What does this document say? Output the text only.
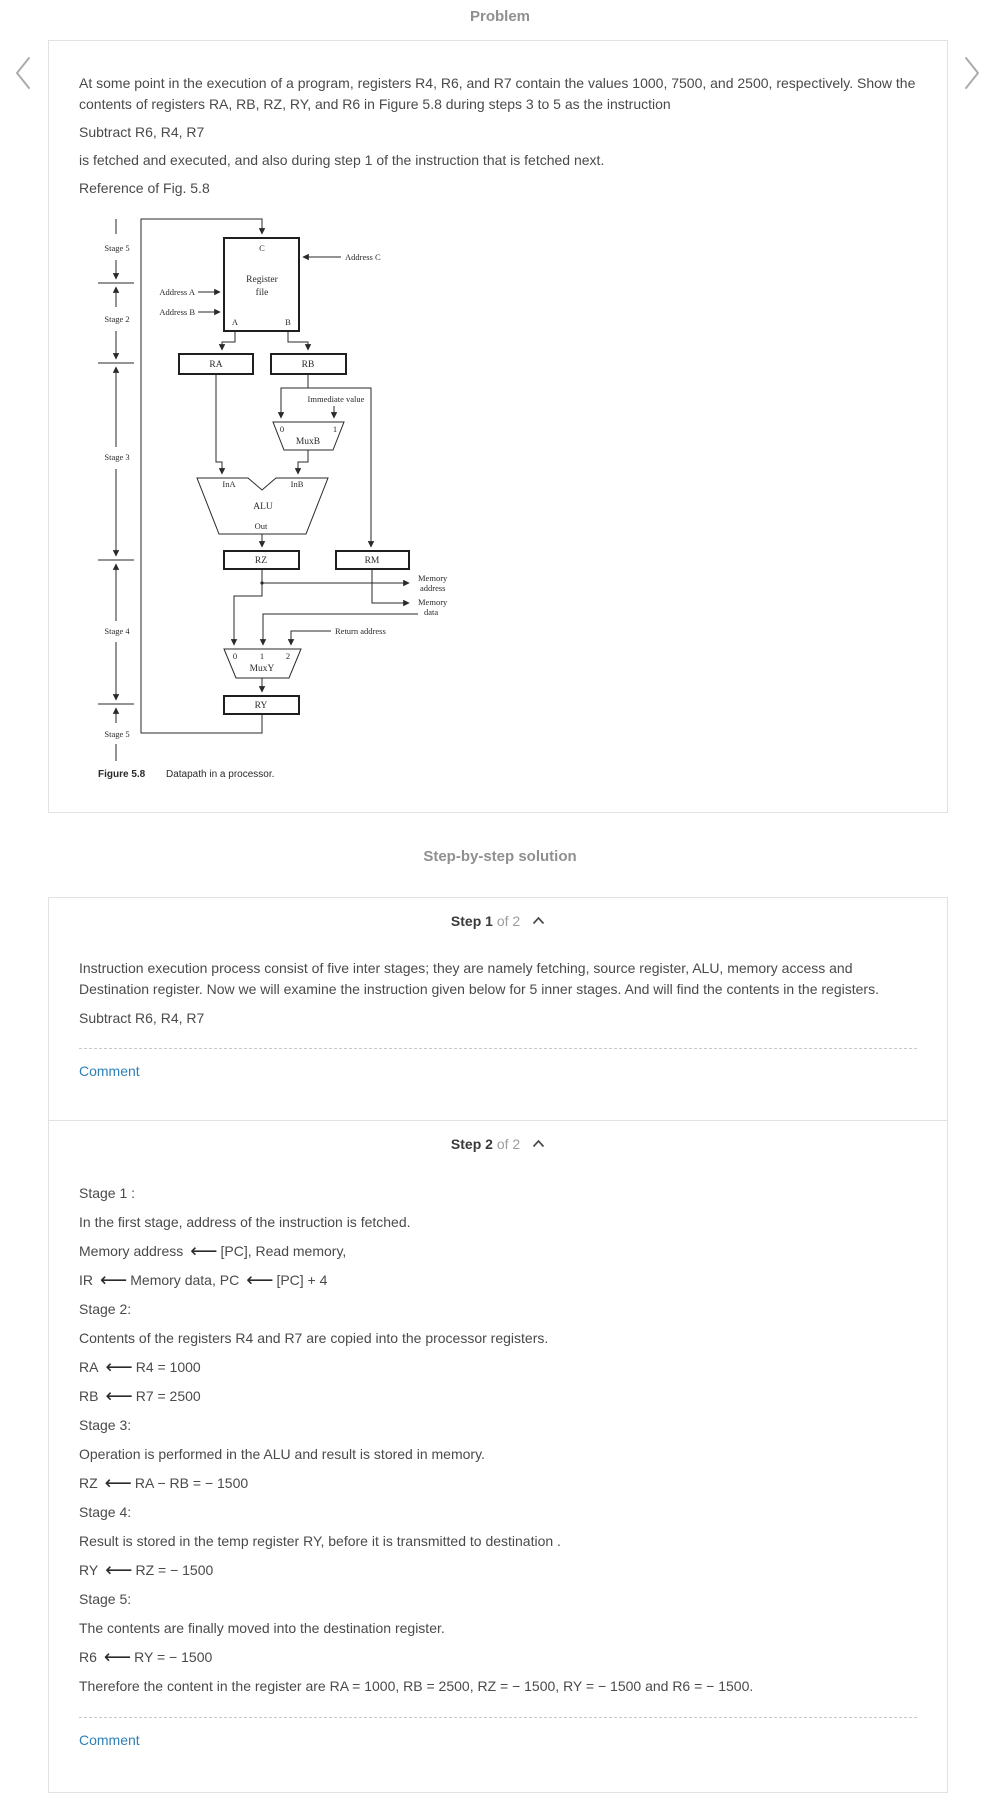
Problem

At some point in the execution of a program, registers R4, R6, and R7 contain the values 1000, 7500, and 2500, respectively. Show the contents of registers RA, RB, RZ, RY, and R6 in Figure 5.8 during steps 3 to 5 as the instruction

Subtract R6, R4, R7

is fetched and executed, and also during step 1 of the instruction that is fetched next.

Reference of Fig. 5.8

Stage 5
Stage 2
Stage 3
Stage 4
Stage 5
C
Register
file
A	B
Address A
Address B
Address C
RA	RB
Immediate value
0	1
MuxB
InA	InB
ALU
Out
RZ	RM
Memory
address
Memory
data
Return address
0	1	2
MuxY
RY
Figure 5.8 Datapath in a processor.
Step-by-step solution
Step 1 of 2

Instruction execution process consist of five inter stages; they are namely fetching, source register, ALU, memory access and Destination register. Now we will examine the instruction given below for 5 inner stages. And will find the contents in the registers.

Subtract R6, R4, R7

Comment
Step 2 of 2

Stage 1 :

In the first stage, address of the instruction is fetched.

Memory address ⟵ [PC], Read memory,

IR ⟵ Memory data, PC ⟵ [PC] + 4

Stage 2:

Contents of the registers R4 and R7 are copied into the processor registers.

RA ⟵ R4 = 1000

RB ⟵ R7 = 2500

Stage 3:

Operation is performed in the ALU and result is stored in memory.

RZ ⟵ RA − RB = − 1500

Stage 4:

Result is stored in the temp register RY, before it is transmitted to destination .

RY ⟵ RZ = − 1500

Stage 5:

The contents are finally moved into the destination register.

R6 ⟵ RY = − 1500

Therefore the content in the register are RA = 1000, RB = 2500, RZ = − 1500, RY = − 1500 and R6 = − 1500.

Comment
